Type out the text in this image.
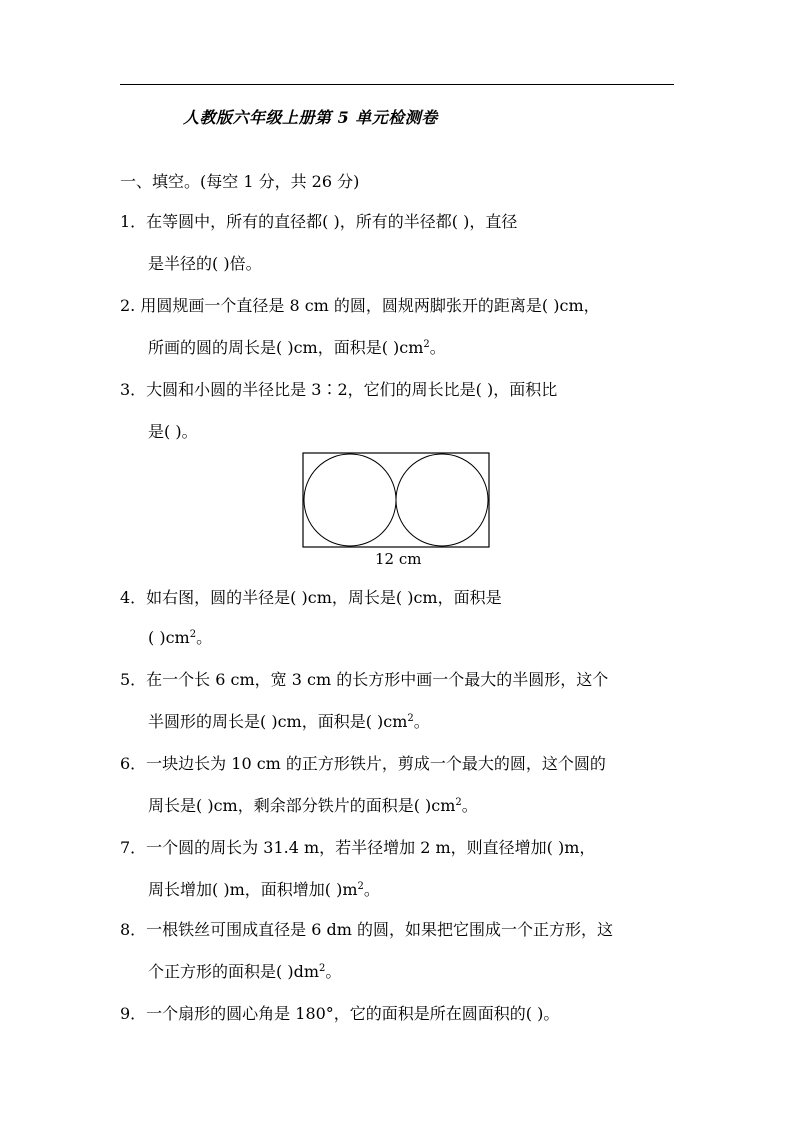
人教版六年级上册第 5 单元检测卷
一、填空。(每空 1 分，共 26 分)
1．在等圆中，所有的直径都( )，所有的半径都( )，直径
是半径的( )倍。
2. 用圆规画一个直径是 8 cm 的圆，圆规两脚张开的距离是( )cm，
所画的圆的周长是( )cm，面积是( )$cm^2$。
3．大圆和小圆的半径比是 3∶2，它们的周长比是( )，面积比
是( )。
12 cm
4．如右图，圆的半径是( )cm，周长是( )cm，面积是
( )$cm^2$。
5．在一个长 6 cm，宽 3 cm 的长方形中画一个最大的半圆形，这个
半圆形的周长是( )cm，面积是( )$cm^2$。
6．一块边长为 10 cm 的正方形铁片，剪成一个最大的圆，这个圆的
周长是( )cm，剩余部分铁片的面积是( )$cm^2$。
7．一个圆的周长为 31.4 m，若半径增加 2 m，则直径增加( )m，
周长增加( )m，面积增加( )$m^2$。
8．一根铁丝可围成直径是 6 dm 的圆，如果把它围成一个正方形，这
个正方形的面积是( )$dm^2$。
9．一个扇形的圆心角是 180°，它的面积是所在圆面积的( )。
